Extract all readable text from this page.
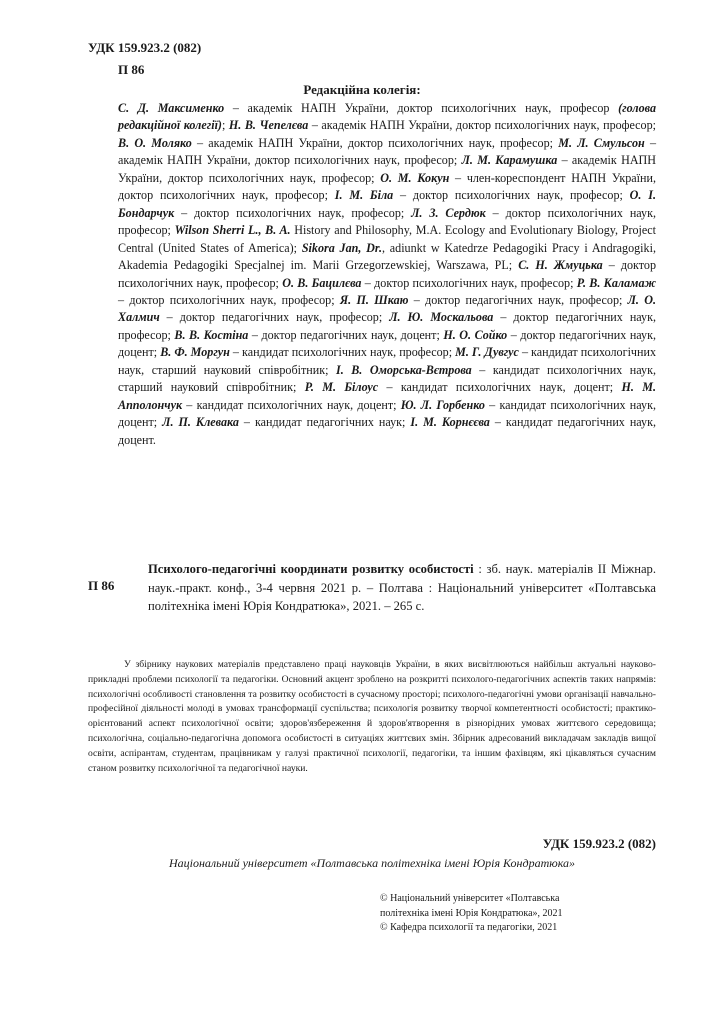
УДК 159.923.2 (082)
П 86
Редакційна колегія:

С. Д. Максименко – академік НАПН України, доктор психологічних наук, професор (голова редакційної колегії); Н. В. Чепелєва – академік НАПН України, доктор психологічних наук, професор; В. О. Моляко – академік НАПН України, доктор психологічних наук, професор; М. Л. Смульсон – академік НАПН України, доктор психологічних наук, професор; Л. М. Карамушка – академік НАПН України, доктор психологічних наук, професор; О. М. Кокун – член-кореспондент НАПН України, доктор психологічних наук, професор; І. М. Біла – доктор психологічних наук, професор; О. І. Бондарчук – доктор психологічних наук, професор; Л. З. Сердюк – доктор психологічних наук, професор; Wilson Sherri L., B. A. History and Philosophy, M.A. Ecology and Evolutionary Biology, Project Central (United States of America); Sikora Jan, Dr., adiunkt w Katedrze Pedagogiki Pracy i Andragogiki, Akademia Pedagogiki Specjalnej im. Marii Grzegorzewskiej, Warszawa, PL; С. Н. Жмуцька – доктор психологічних наук, професор; О. В. Бацилєва – доктор психологічних наук, професор; Р. В. Каламаж – доктор психологічних наук, професор; Я. П. Шкаю – доктор педагогічних наук, професор; Л. О. Халмич – доктор педагогічних наук, професор; Л. Ю. Москальова – доктор педагогічних наук, професор; В. В. Костіна – доктор педагогічних наук, доцент; Н. О. Сойко – доктор педагогічних наук, доцент; В. Ф. Моргун – кандидат психологічних наук, професор; М. Г. Дувгус – кандидат психологічних наук, старший науковий співробітник; І. В. Оморська-Вєтрова – кандидат психологічних наук, старший науковий співробітник; Р. М. Білоус – кандидат психологічних наук, доцент; Н. М. Апполончук – кандидат психологічних наук, доцент; Ю. Л. Горбенко – кандидат психологічних наук, доцент; Л. П. Клевака – кандидат педагогічних наук; І. М. Корнєєва – кандидат педагогічних наук, доцент.

П 86

Психолого-педагогічні координати розвитку особистості : зб. наук. матеріалів ІІ Міжнар. наук.-практ. конф., 3-4 червня 2021 р. – Полтава : Національний університет «Полтавська політехніка імені Юрія Кондратюка», 2021. – 265 с.

У збірнику наукових матеріалів представлено праці науковців України, в яких висвітлюються найбільш актуальні науково-прикладні проблеми психології та педагогіки. Основний акцент зроблено на розкритті психолого-педагогічних аспектів таких напрямів: психологічні особливості становлення та розвитку особистості в сучасному просторі; психолого-педагогічні умови організації навчально-професійної діяльності молоді в умовах трансформації суспільства; психологія розвитку творчої компетентності особистості; практико-орієнтований аспект психологічної освіти; здоров'язбереження й здоров'ятворення в різнорідних умовах життєвого середовища; психологічна, соціально-педагогічна допомога особистості в ситуаціях життєвих змін. Збірник адресований викладачам закладів вищої освіти, аспірантам, студентам, працівникам у галузі практичної психології, педагогіки, та іншим фахівцям, які цікавляться сучасним станом розвитку психологічної та педагогічної науки.

УДК 159.923.2 (082)
Національний університет «Полтавська політехніка імені Юрія Кондратюка»
© Національний університет «Полтавська
політехніка імені Юрія Кондратюка», 2021
© Кафедра психології та педагогіки, 2021
